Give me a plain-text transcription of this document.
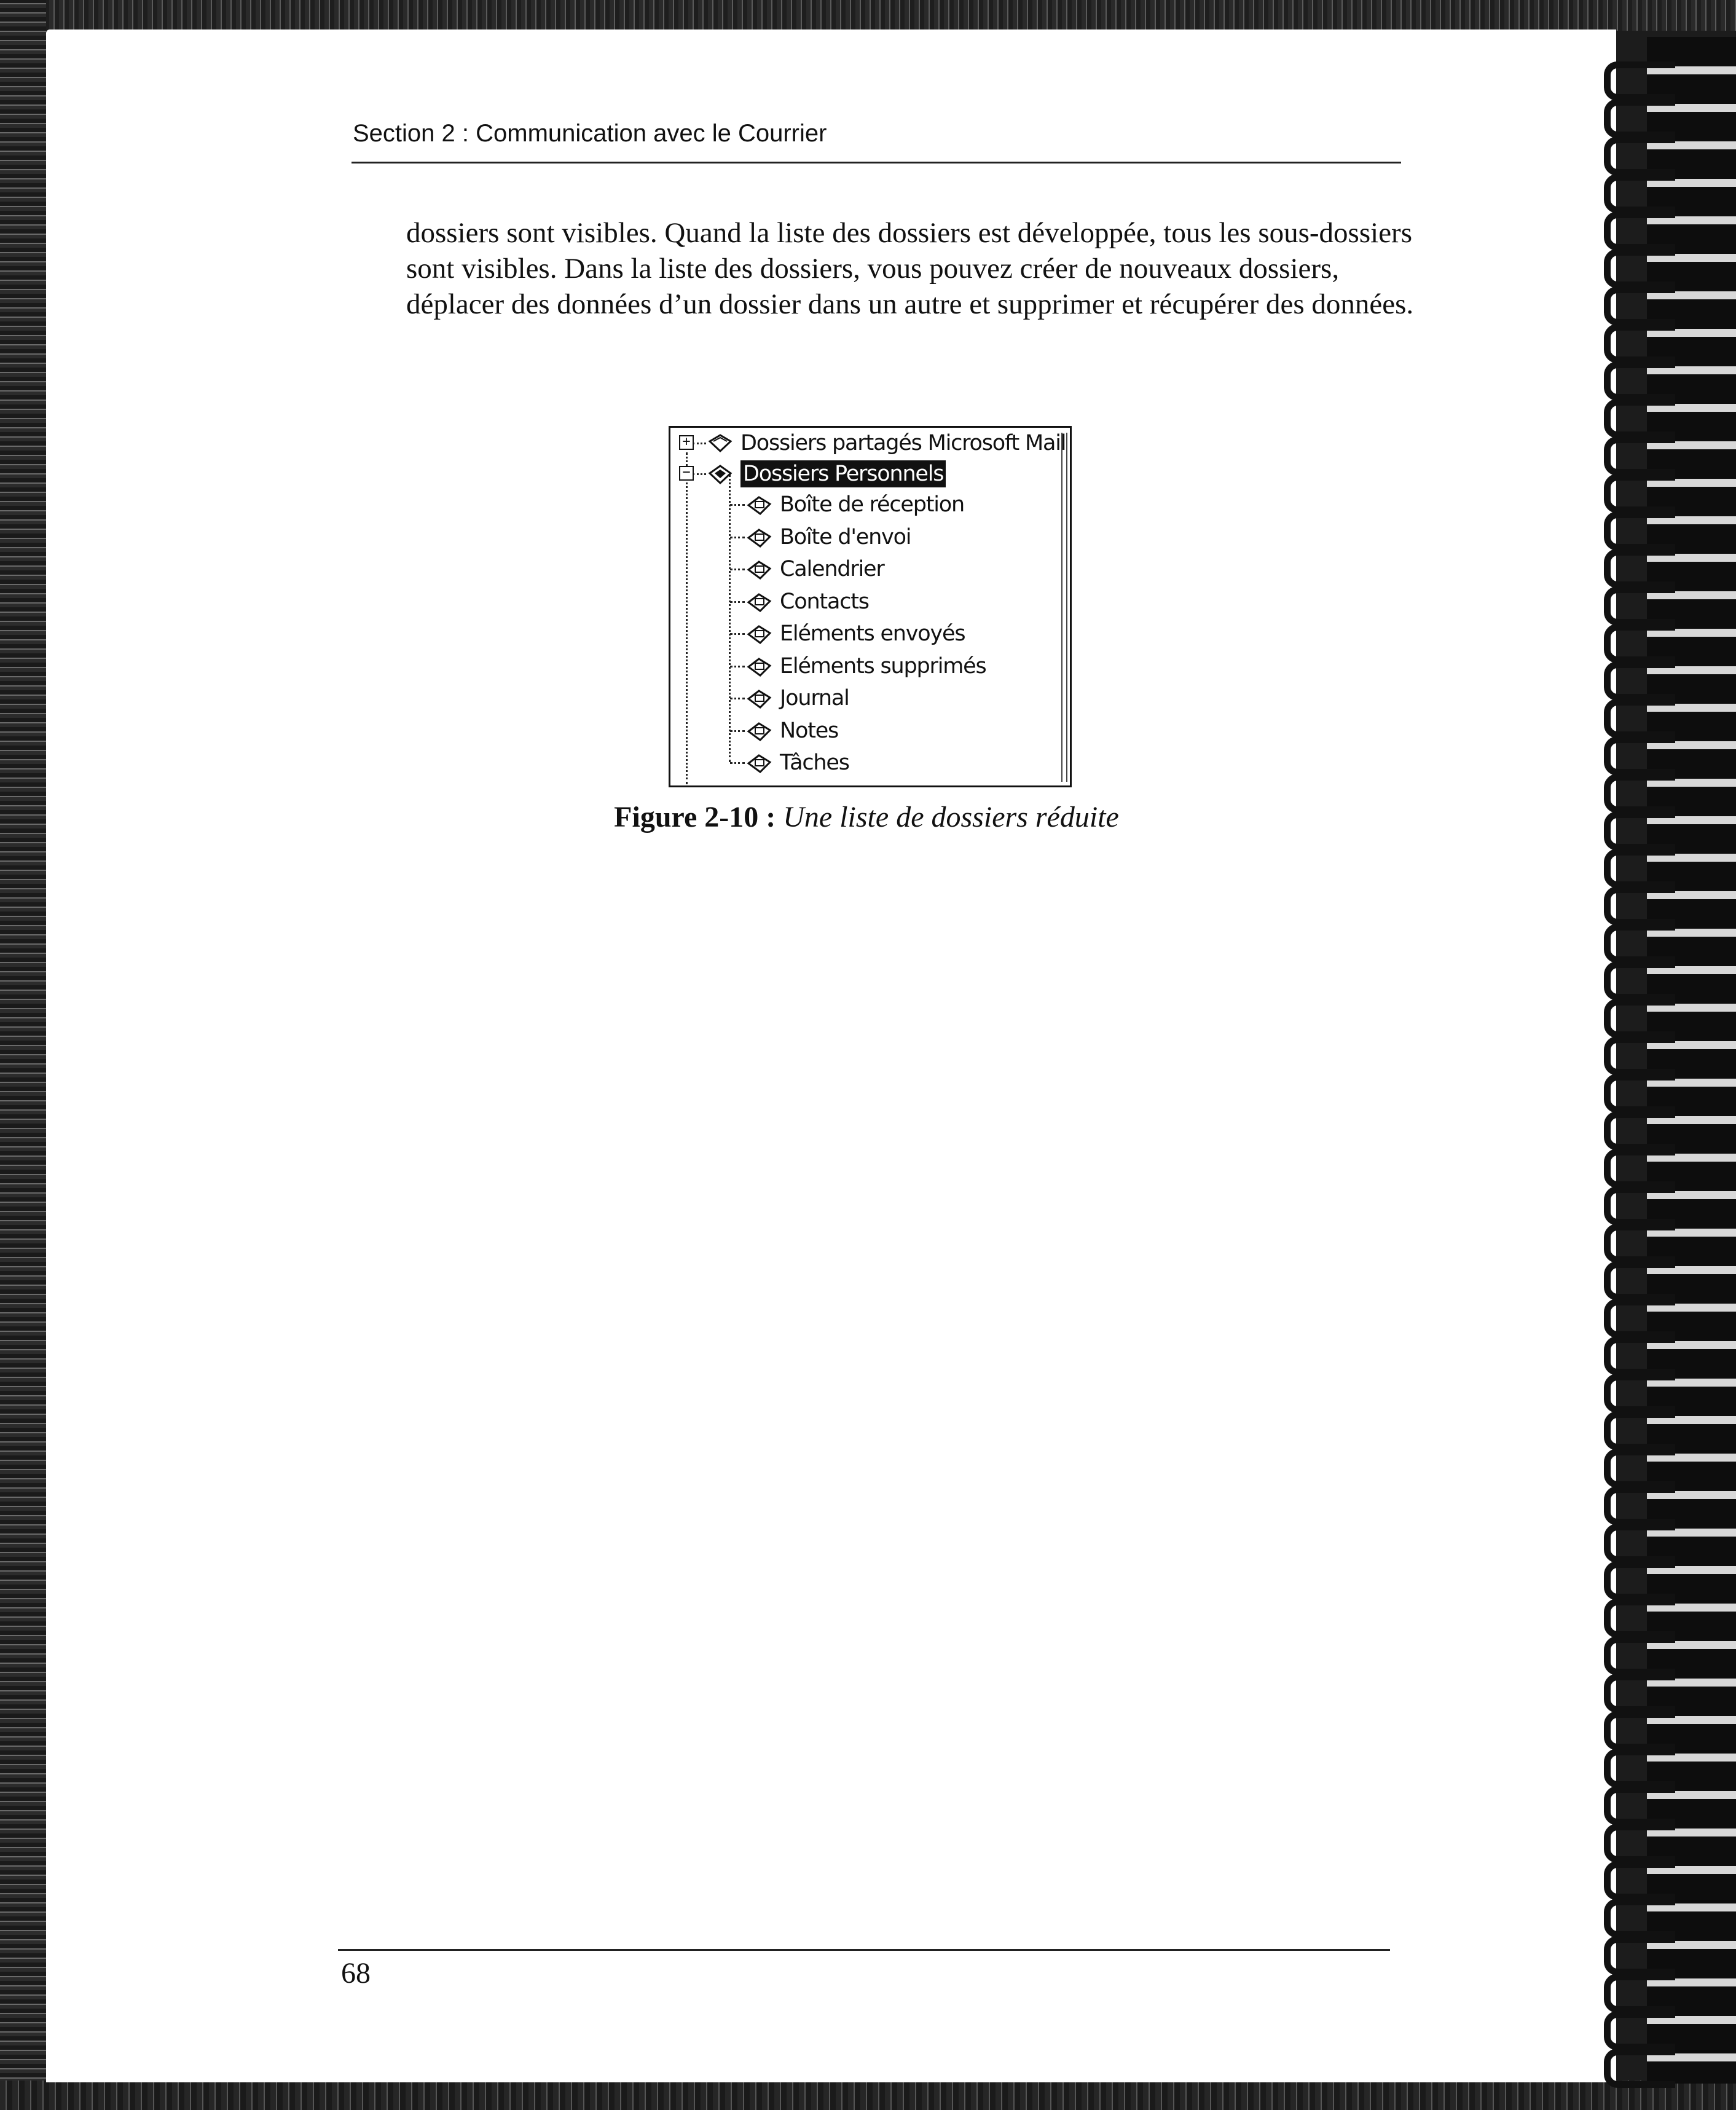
Section 2 : Communication avec le Courrier

dossiers sont visibles. Quand la liste des dossiers est développée, tous les sous-dossiers sont visibles. Dans la liste des dossiers, vous pouvez créer de nouveaux dossiers, déplacer des données d’un dossier dans un autre et supprimer et récupérer des données.

+
−
Dossiers partagés Microsoft Mail
Dossiers Personnels
Boîte de réception
Boîte d'envoi
Calendrier
Contacts
Eléments envoyés
Eléments supprimés
Journal
Notes
Tâches
Figure 2-10 : Une liste de dossiers réduite
68
